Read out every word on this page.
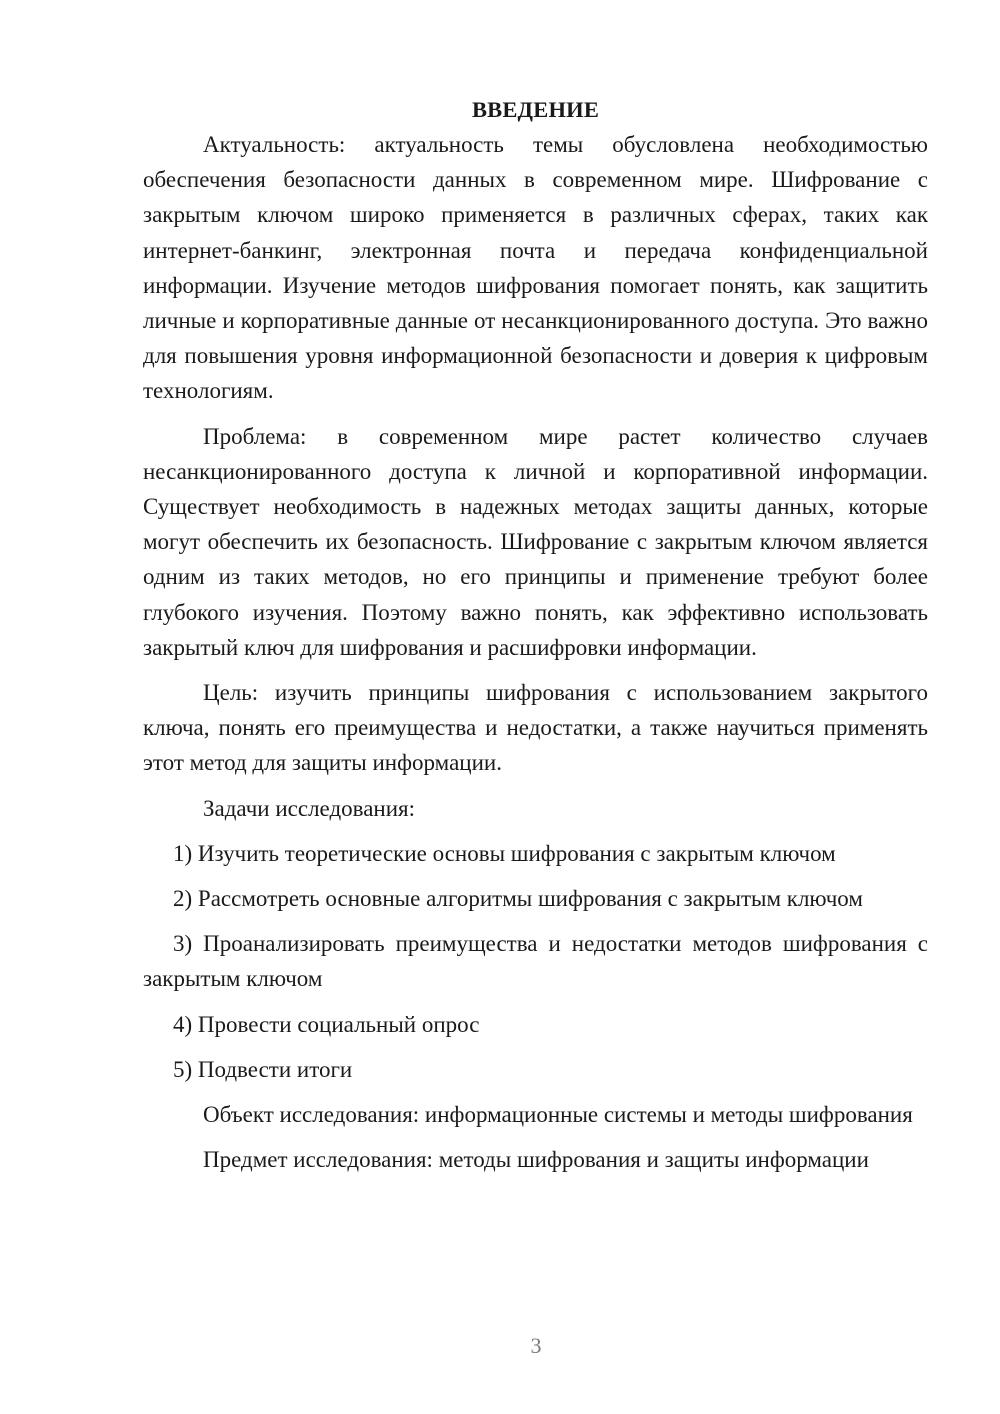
ВВЕДЕНИЕ

Актуальность: актуальность темы обусловлена необходимостью обеспечения безопасности данных в современном мире. Шифрование с закрытым ключом широко применяется в различных сферах, таких как интернет-банкинг, электронная почта и передача конфиденциальной информации. Изучение методов шифрования помогает понять, как защитить личные и корпоративные данные от несанкционированного доступа. Это важно для повышения уровня информационной безопасности и доверия к цифровым технологиям.

Проблема: в современном мире растет количество случаев несанкционированного доступа к личной и корпоративной информации. Существует необходимость в надежных методах защиты данных, которые могут обеспечить их безопасность. Шифрование с закрытым ключом является одним из таких методов, но его принципы и применение требуют более глубокого изучения. Поэтому важно понять, как эффективно использовать закрытый ключ для шифрования и расшифровки информации.

Цель: изучить принципы шифрования с использованием закрытого ключа, понять его преимущества и недостатки, а также научиться применять этот метод для защиты информации.

Задачи исследования:

1) Изучить теоретические основы шифрования с закрытым ключом

2) Рассмотреть основные алгоритмы шифрования с закрытым ключом

3) Проанализировать преимущества и недостатки методов шифрования с закрытым ключом

4) Провести социальный опрос

5) Подвести итоги

Объект исследования: информационные системы и методы шифрования

Предмет исследования: методы шифрования и защиты информации

3
